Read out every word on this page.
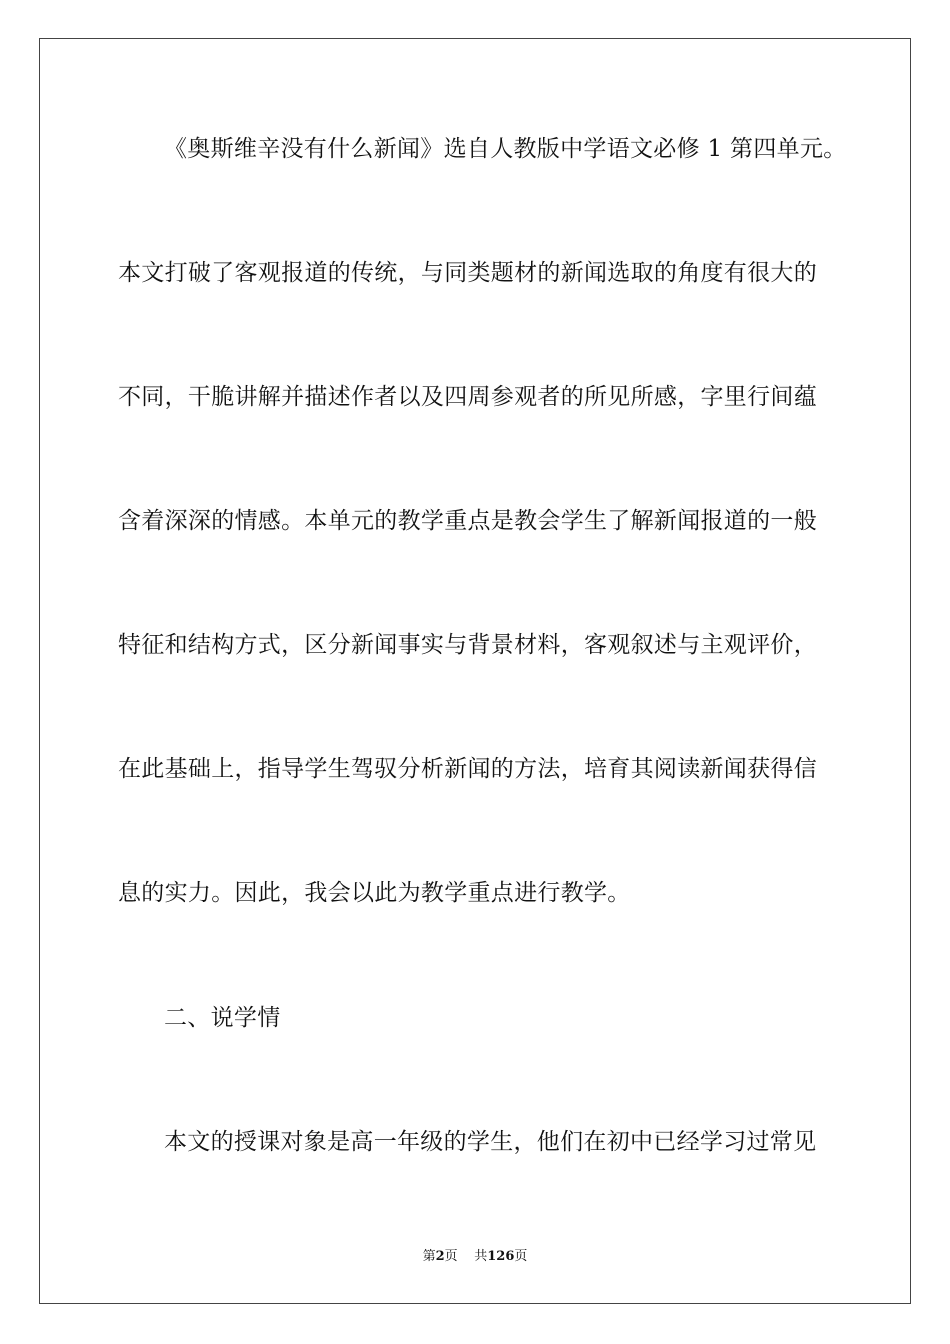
《奥斯维辛没有什么新闻》选自人教版中学语文必修 1 第四单元。
本文打破了客观报道的传统，与同类题材的新闻选取的角度有很大的
不同，干脆讲解并描述作者以及四周参观者的所见所感，字里行间蕴
含着深深的情感。本单元的教学重点是教会学生了解新闻报道的一般
特征和结构方式，区分新闻事实与背景材料，客观叙述与主观评价，
在此基础上，指导学生驾驭分析新闻的方法，培育其阅读新闻获得信
息的实力。因此，我会以此为教学重点进行教学。
二、说学情
本文的授课对象是高一年级的学生，他们在初中已经学习过常见
第2页 共126页
